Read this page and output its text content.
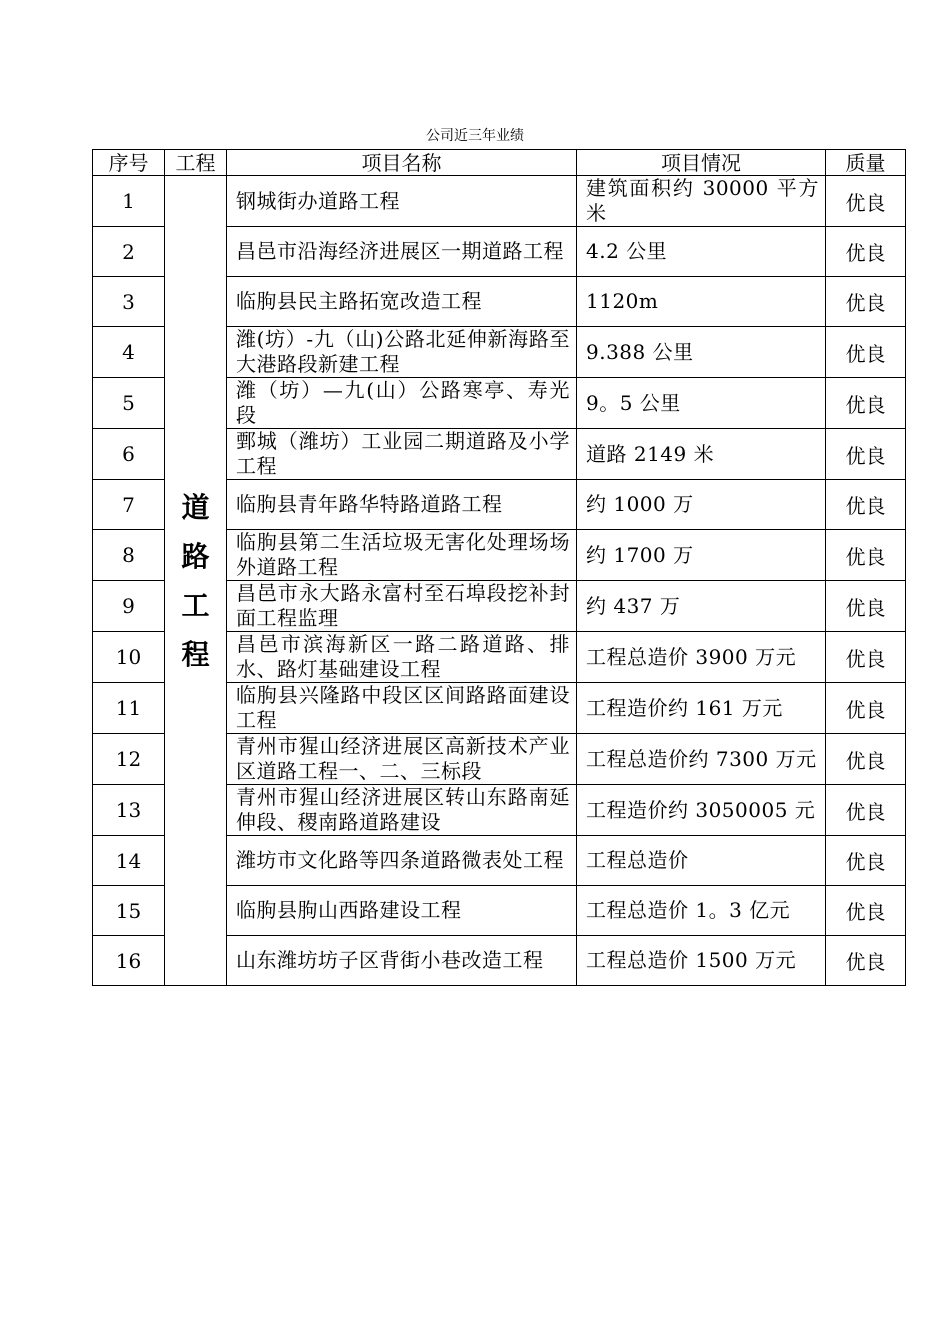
公司近三年业绩
序号	工程	项目名称	项目情况	质量
1	道路工程	钢城街办道路工程	建筑面积约 30000 平方米	优良
2		昌邑市沿海经济进展区一期道路工程	4.2 公里	优良
3		临朐县民主路拓宽改造工程	1120m	优良
4		潍(坊）-九（山)公路北延伸新海路至大港路段新建工程	9.388 公里	优良
5		潍（坊）—九(山）公路寒亭、寿光段	9。5 公里	优良
6		鄄城（潍坊）工业园二期道路及小学工程	道路 2149 米	优良
7		临朐县青年路华特路道路工程	约 1000 万	优良
8		临朐县第二生活垃圾无害化处理场场外道路工程	约 1700 万	优良
9		昌邑市永大路永富村至石埠段挖补封面工程监理	约 437 万	优良
10		昌邑市滨海新区一路二路道路、排水、路灯基础建设工程	工程总造价 3900 万元	优良
11		临朐县兴隆路中段区区间路路面建设工程	工程造价约 161 万元	优良
12		青州市猩山经济进展区高新技术产业区道路工程一、二、三标段	工程总造价约 7300 万元	优良
13		青州市猩山经济进展区转山东路南延伸段、稷南路道路建设	工程造价约 3050005 元	优良
14		潍坊市文化路等四条道路微表处工程	工程总造价	优良
15		临朐县朐山西路建设工程	工程总造价 1。3 亿元	优良
16		山东潍坊坊子区背街小巷改造工程	工程总造价 1500 万元	优良
